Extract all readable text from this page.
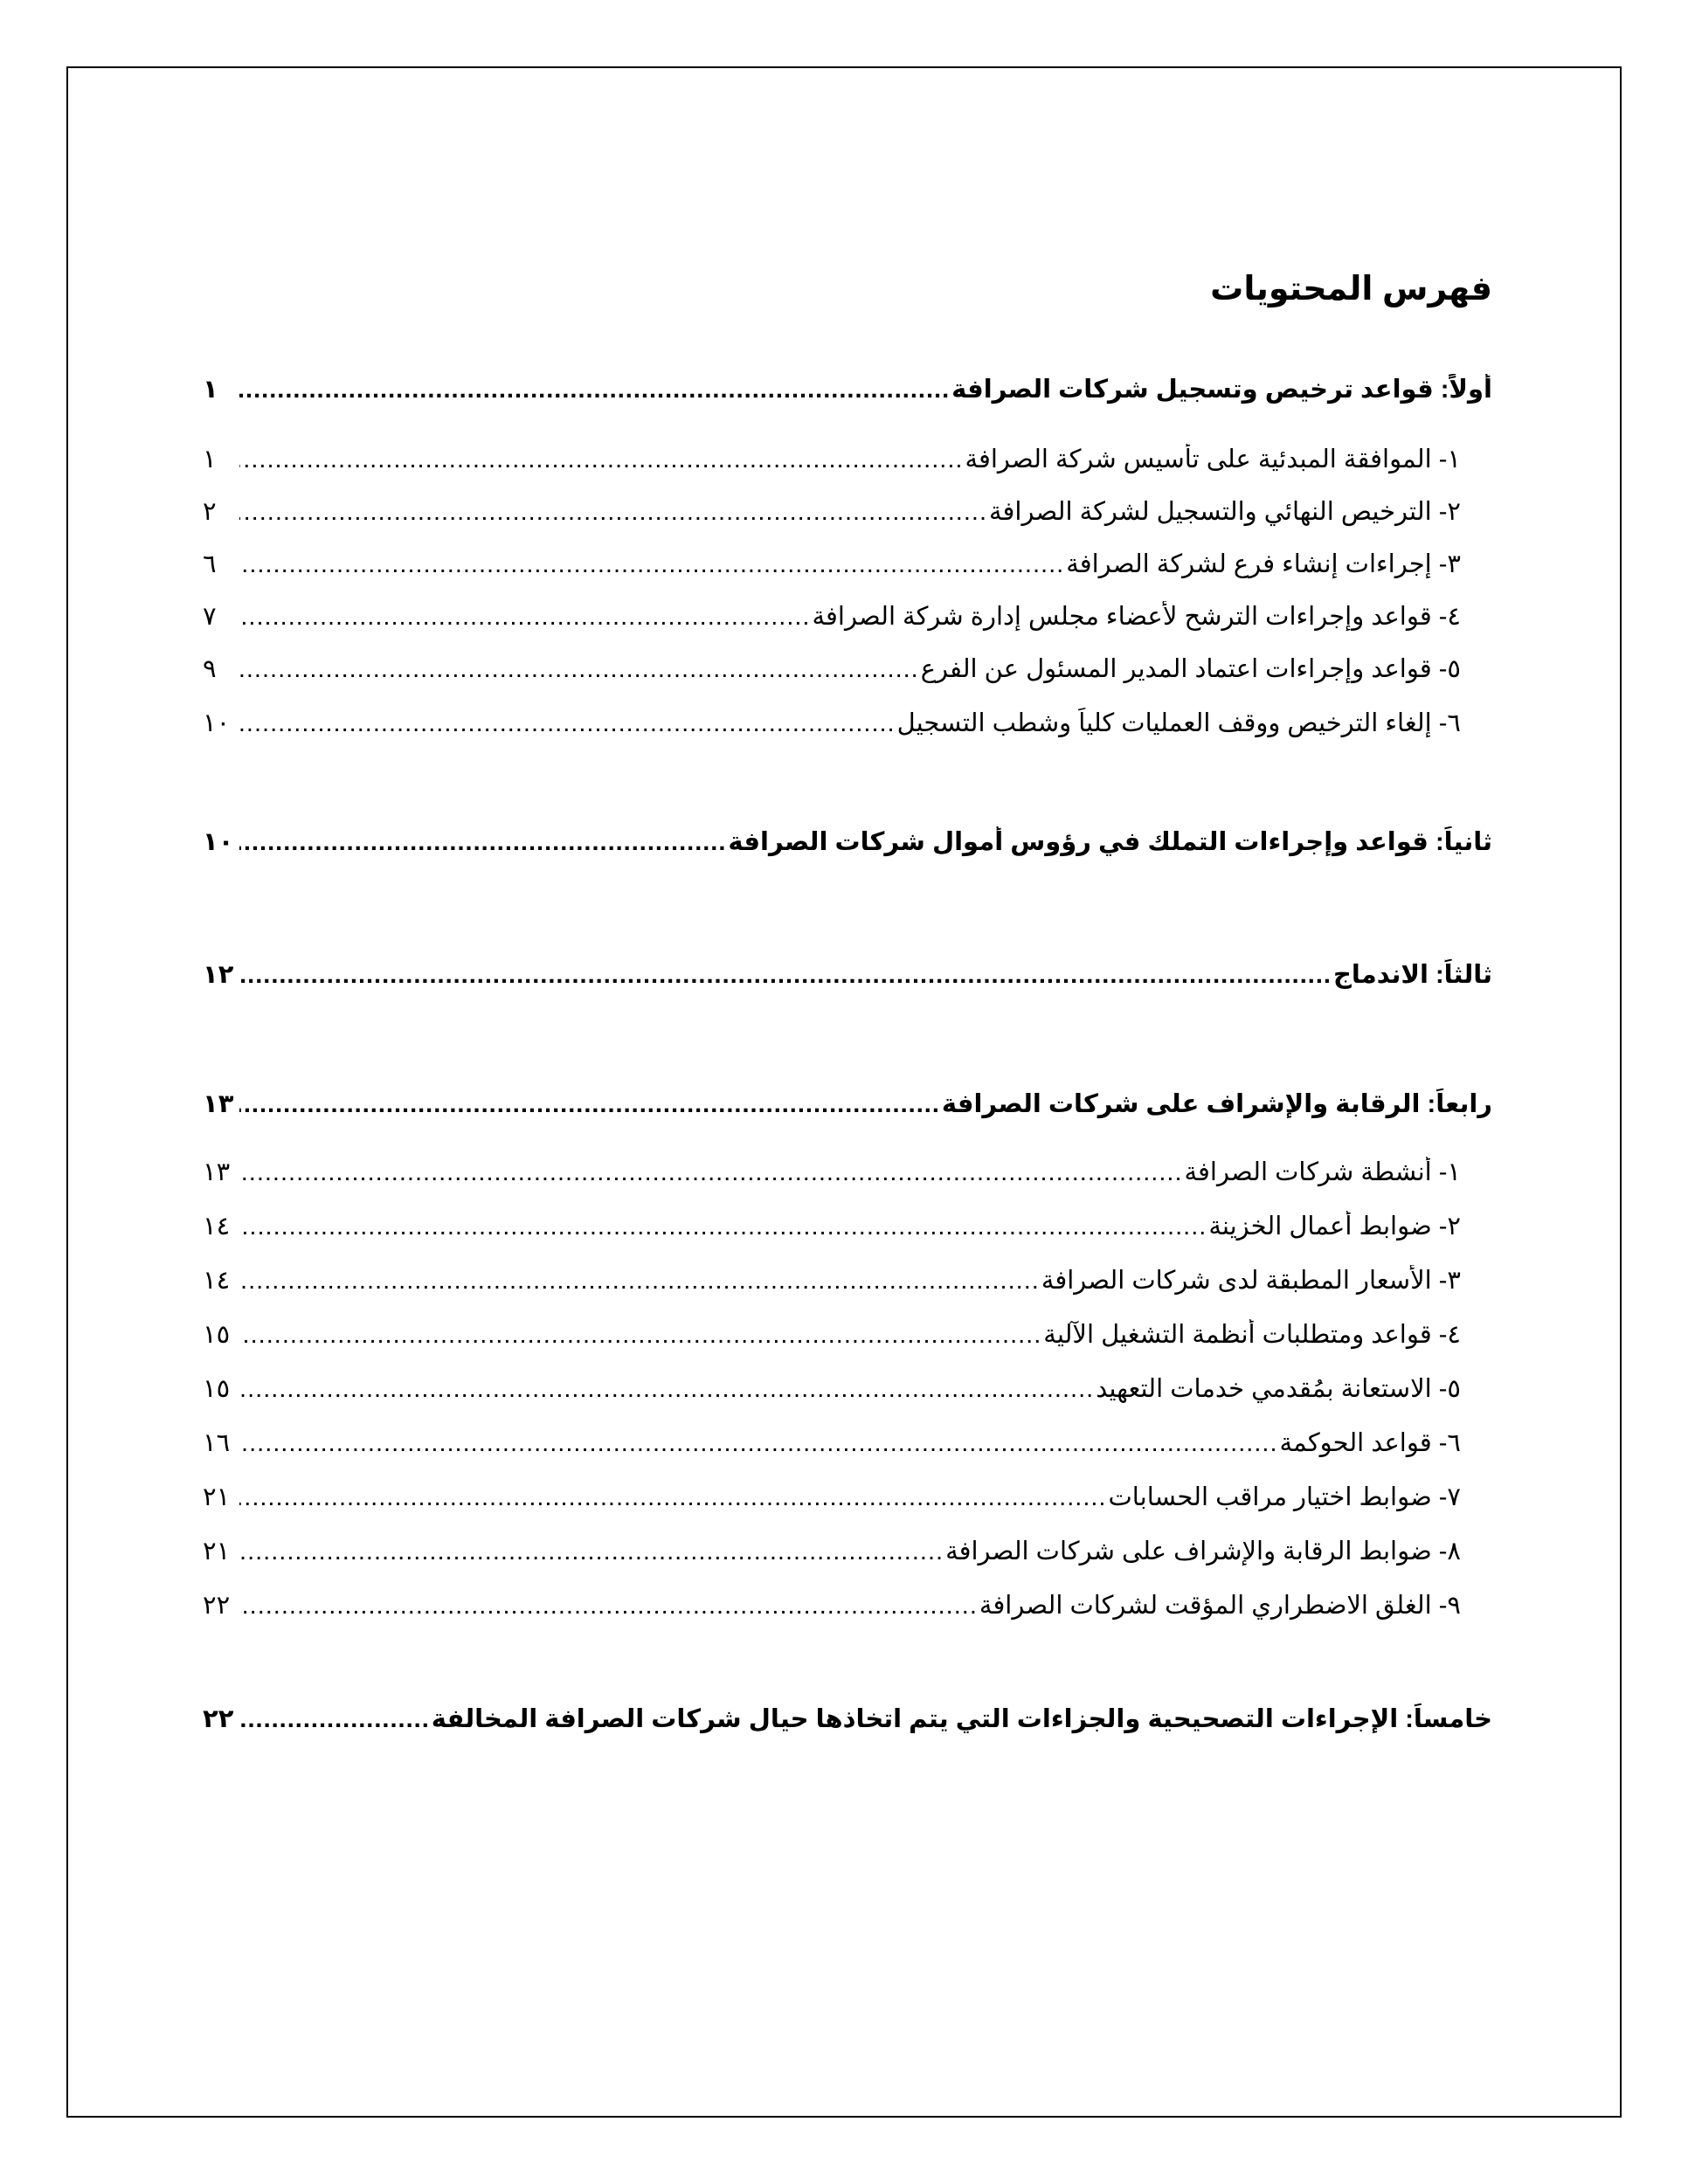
فهرس المحتويات
أولاً: قواعد ترخيص وتسجيل شركات الصرافة
.....
١
١- الموافقة المبدئية على تأسيس شركة الصرافة
.....
١
٢- الترخيص النهائي والتسجيل لشركة الصرافة
.....
٢
٣- إجراءات إنشاء فرع لشركة الصرافة
.....
٦
٤- قواعد وإجراءات الترشح لأعضاء مجلس إدارة شركة الصرافة
.....
٧
٥- قواعد وإجراءات اعتماد المدير المسئول عن الفرع
.....
٩
٦- إلغاء الترخيص ووقف العمليات كلياً وشطب التسجيل
.....
١٠
ثانياً: قواعد وإجراءات التملك في رؤوس أموال شركات الصرافة
.....
١٠
ثالثاً: الاندماج
.....
١٢
رابعاً: الرقابة والإشراف على شركات الصرافة
.....
١٣
١- أنشطة شركات الصرافة
.....
١٣
٢- ضوابط أعمال الخزينة
.....
١٤
٣- الأسعار المطبقة لدى شركات الصرافة
.....
١٤
٤- قواعد ومتطلبات أنظمة التشغيل الآلية
.....
١٥
٥- الاستعانة بمُقدمي خدمات التعهيد
.....
١٥
٦- قواعد الحوكمة
.....
١٦
٧- ضوابط اختيار مراقب الحسابات
.....
٢١
٨- ضوابط الرقابة والإشراف على شركات الصرافة
.....
٢١
٩- الغلق الاضطراري المؤقت لشركات الصرافة
.....
٢٢
خامساً: الإجراءات التصحيحية والجزاءات التي يتم اتخاذها حيال شركات الصرافة المخالفة
.....
٢٢
